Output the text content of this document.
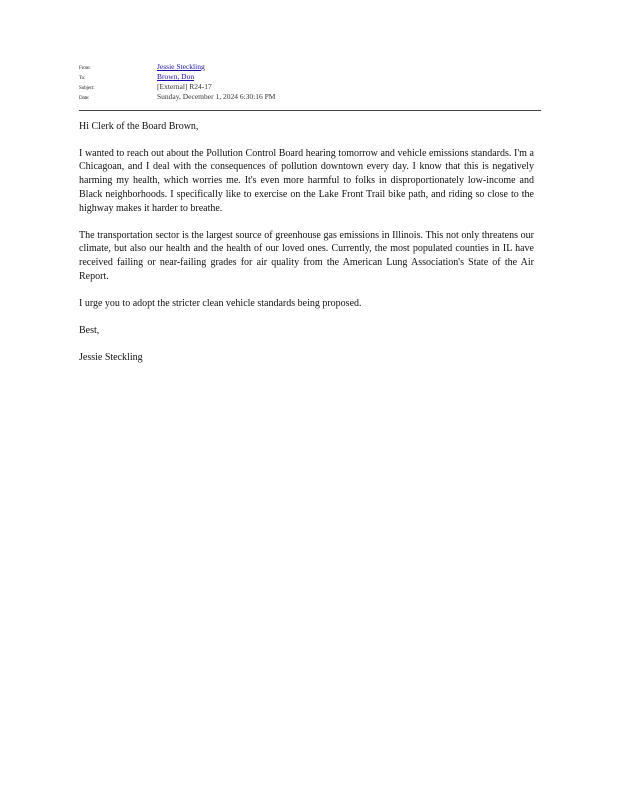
From:	Jessie Steckling
To:	Brown, Don
Subject:	[External] R24-17
Date:	Sunday, December 1, 2024 6:30:16 PM

Hi Clerk of the Board Brown,

I wanted to reach out about the Pollution Control Board hearing tomorrow and vehicle emissions standards. I'm a Chicagoan, and I deal with the consequences of pollution downtown every day. I know that this is negatively harming my health, which worries me. It's even more harmful to folks in disproportionately low-income and Black neighborhoods. I specifically like to exercise on the Lake Front Trail bike path, and riding so close to the highway makes it harder to breathe.

The transportation sector is the largest source of greenhouse gas emissions in Illinois. This not only threatens our climate, but also our health and the health of our loved ones. Currently, the most populated counties in IL have received failing or near-failing grades for air quality from the American Lung Association's State of the Air Report.

I urge you to adopt the stricter clean vehicle standards being proposed.

Best,

Jessie Steckling
